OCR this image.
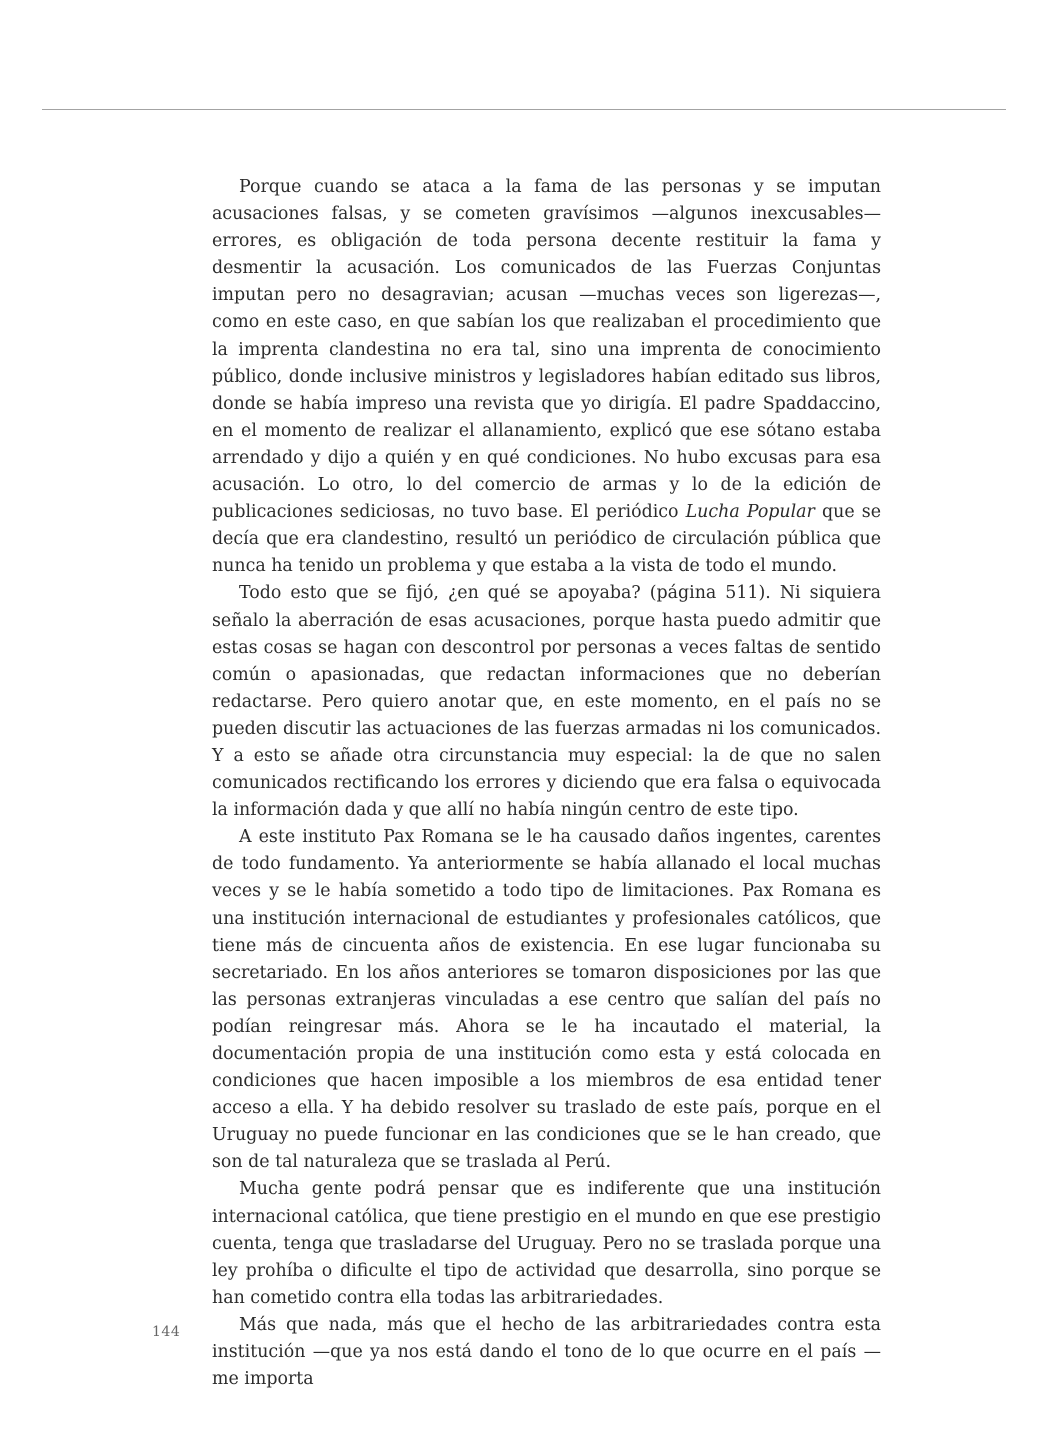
Porque cuando se ataca a la fama de las personas y se imputan acusaciones falsas, y se cometen gravísimos —algunos inexcusables— errores, es obligación de toda persona decente restituir la fama y desmentir la acusación. Los comunicados de las Fuerzas Conjuntas imputan pero no desagravian; acusan —muchas veces son ligerezas—, como en este caso, en que sabían los que realizaban el procedimiento que la imprenta clandestina no era tal, sino una imprenta de conocimiento público, donde inclusive ministros y legisladores habían editado sus libros, donde se había impreso una revista que yo dirigía. El padre Spaddaccino, en el momento de realizar el allanamiento, explicó que ese sótano estaba arrendado y dijo a quién y en qué condiciones. No hubo excusas para esa acusación. Lo otro, lo del comercio de armas y lo de la edición de publicaciones sediciosas, no tuvo base. El periódico Lucha Popular que se decía que era clandestino, resultó un periódico de circulación pública que nunca ha tenido un problema y que estaba a la vista de todo el mundo.

Todo esto que se fijó, ¿en qué se apoyaba? (página 511). Ni siquiera señalo la aberración de esas acusaciones, porque hasta puedo admitir que estas cosas se hagan con descontrol por personas a veces faltas de sentido común o apasionadas, que redactan informaciones que no deberían redactarse. Pero quiero anotar que, en este momento, en el país no se pueden discutir las actuaciones de las fuerzas armadas ni los comunicados. Y a esto se añade otra circunstancia muy especial: la de que no salen comunicados rectificando los errores y diciendo que era falsa o equivocada la información dada y que allí no había ningún centro de este tipo.

A este instituto Pax Romana se le ha causado daños ingentes, carentes de todo fundamento. Ya anteriormente se había allanado el local muchas veces y se le había sometido a todo tipo de limitaciones. Pax Romana es una institución internacional de estudiantes y profesionales católicos, que tiene más de cincuenta años de existencia. En ese lugar funcionaba su secretariado. En los años anteriores se tomaron disposiciones por las que las personas extranjeras vinculadas a ese centro que salían del país no podían reingresar más. Ahora se le ha incautado el material, la documentación propia de una institución como esta y está colocada en condiciones que hacen imposible a los miembros de esa entidad tener acceso a ella. Y ha debido resolver su traslado de este país, porque en el Uruguay no puede funcionar en las condiciones que se le han creado, que son de tal naturaleza que se traslada al Perú.

Mucha gente podrá pensar que es indiferente que una institución internacional católica, que tiene prestigio en el mundo en que ese prestigio cuenta, tenga que trasladarse del Uruguay. Pero no se traslada porque una ley prohíba o dificulte el tipo de actividad que desarrolla, sino porque se han cometido contra ella todas las arbitrariedades.

Más que nada, más que el hecho de las arbitrariedades contra esta institución —que ya nos está dando el tono de lo que ocurre en el país — me importa

144
